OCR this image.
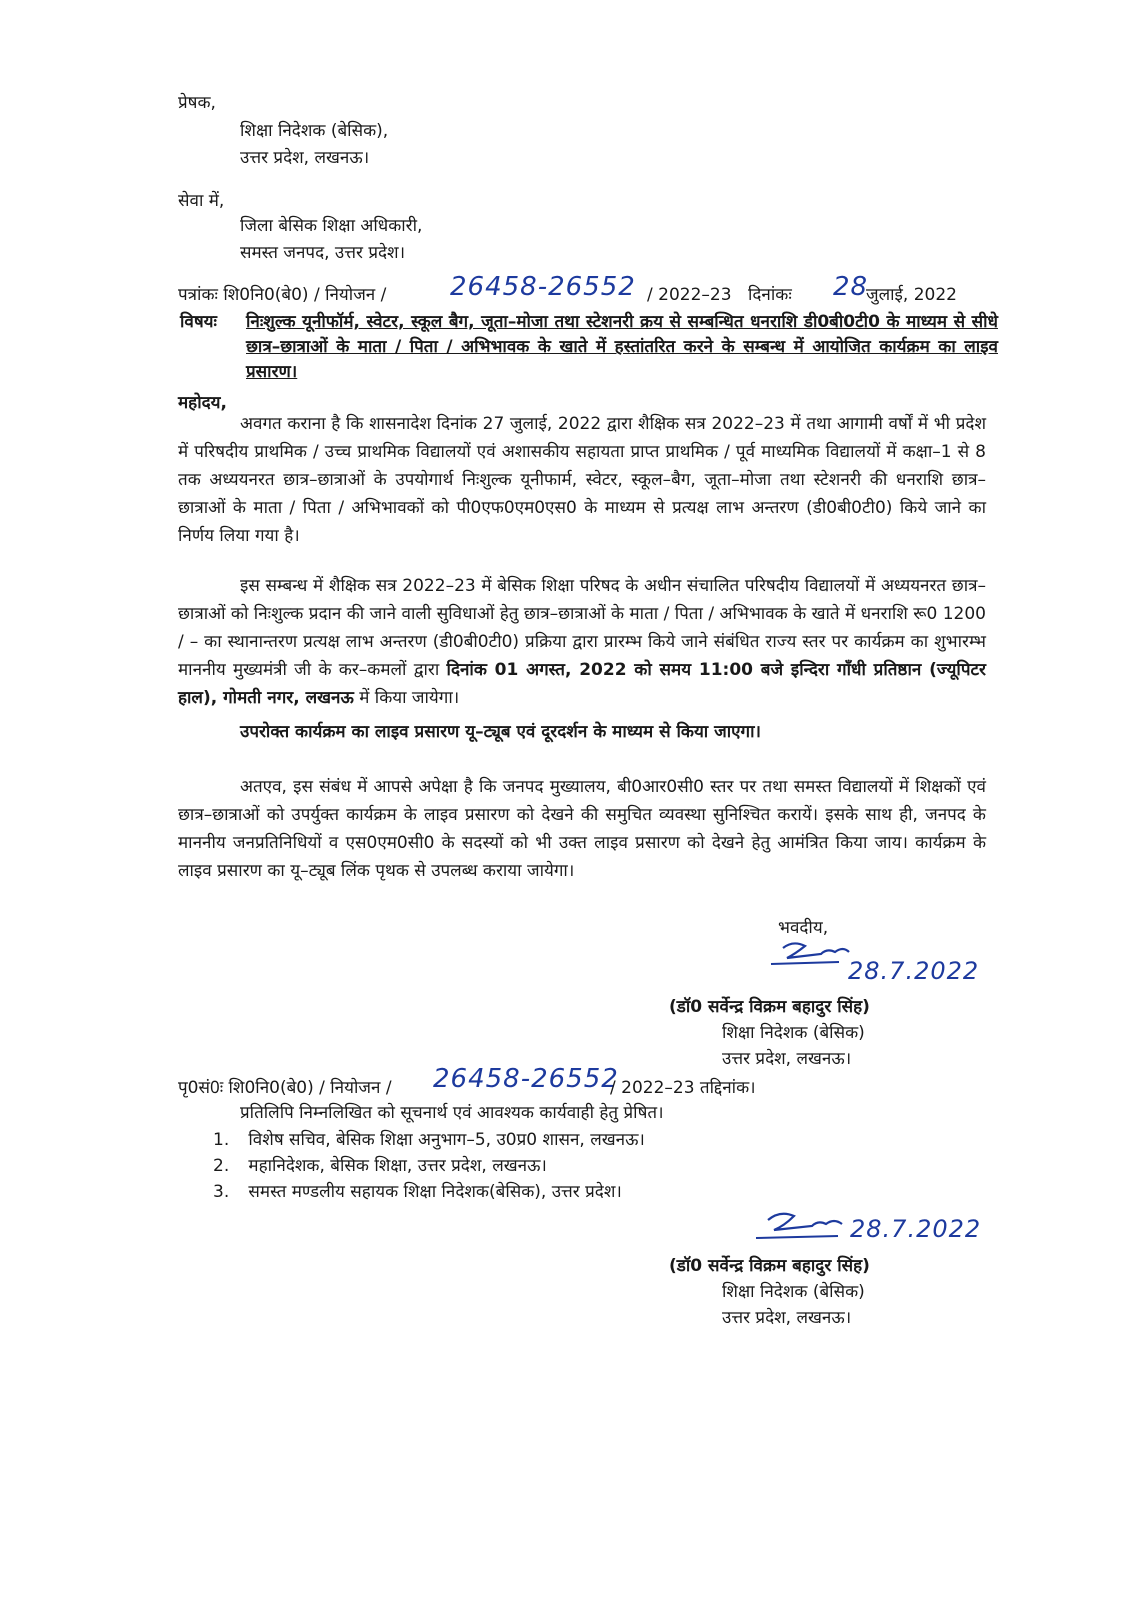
प्रेषक,
शिक्षा निदेशक (बेसिक),
उत्तर प्रदेश, लखनऊ।
सेवा में,
जिला बेसिक शिक्षा अधिकारी,
समस्त जनपद, उत्तर प्रदेश।
पत्रांकः शि0नि0(बे0) / नियोजन / 26458-26552 / 2022–23 दिनांकः 28
जुलाई, 2022
विषयः निःशुल्क यूनीफॉर्म, स्वेटर, स्कूल बैग, जूता–मोजा तथा स्टेशनरी क्रय से सम्बन्धित धनराशि डी0बी0टी0 के माध्यम से सीधे छात्र–छात्राओं के माता / पिता / अभिभावक के खाते में हस्तांतरित करने के सम्बन्ध में आयोजित कार्यक्रम का लाइव प्रसारण।
महोदय,
अवगत कराना है कि शासनादेश दिनांक 27 जुलाई, 2022 द्वारा शैक्षिक सत्र 2022–23 में तथा आगामी वर्षों में भी प्रदेश में परिषदीय प्राथमिक / उच्च प्राथमिक विद्यालयों एवं अशासकीय सहायता प्राप्त प्राथमिक / पूर्व माध्यमिक विद्यालयों में कक्षा–1 से 8 तक अध्ययनरत छात्र–छात्राओं के उपयोगार्थ निःशुल्क यूनीफार्म, स्वेटर, स्कूल–बैग, जूता–मोजा तथा स्टेशनरी की धनराशि छात्र–छात्राओं के माता / पिता / अभिभावकों को पी0एफ0एम0एस0 के माध्यम से प्रत्यक्ष लाभ अन्तरण (डी0बी0टी0) किये जाने का निर्णय लिया गया है।
इस सम्बन्ध में शैक्षिक सत्र 2022–23 में बेसिक शिक्षा परिषद के अधीन संचालित परिषदीय विद्यालयों में अध्ययनरत छात्र–छात्राओं को निःशुल्क प्रदान की जाने वाली सुविधाओं हेतु छात्र–छात्राओं के माता / पिता / अभिभावक के खाते में धनराशि रू0 1200 / – का स्थानान्तरण प्रत्यक्ष लाभ अन्तरण (डी0बी0टी0) प्रक्रिया द्वारा प्रारम्भ किये जाने संबंधित राज्य स्तर पर कार्यक्रम का शुभारम्भ माननीय मुख्यमंत्री जी के कर–कमलों द्वारा दिनांक 01 अगस्त, 2022 को समय 11:00 बजे इन्दिरा गाँधी प्रतिष्ठान (ज्यूपिटर हाल), गोमती नगर, लखनऊ में किया जायेगा।
उपरोक्त कार्यक्रम का लाइव प्रसारण यू–ट्यूब एवं दूरदर्शन के माध्यम से किया जाएगा।
अतएव, इस संबंध में आपसे अपेक्षा है कि जनपद मुख्यालय, बी0आर0सी0 स्तर पर तथा समस्त विद्यालयों में शिक्षकों एवं छात्र–छात्राओं को उपर्युक्त कार्यक्रम के लाइव प्रसारण को देखने की समुचित व्यवस्था सुनिश्चित करायें। इसके साथ ही, जनपद के माननीय जनप्रतिनिधियों व एस0एम0सी0 के सदस्यों को भी उक्त लाइव प्रसारण को देखने हेतु आमंत्रित किया जाय। कार्यक्रम के लाइव प्रसारण का यू–ट्यूब लिंक पृथक से उपलब्ध कराया जायेगा।
भवदीय,
28.7.2022
(डॉ0 सर्वेन्द्र विक्रम बहादुर सिंह)
शिक्षा निदेशक (बेसिक)
उत्तर प्रदेश, लखनऊ।
पृ0सं0ः शि0नि0(बे0) / नियोजन / 26458-26552
/ 2022–23 तद्दिनांक।
प्रतिलिपि निम्नलिखित को सूचनार्थ एवं आवश्यक कार्यवाही हेतु प्रेषित।
1. विशेष सचिव, बेसिक शिक्षा अनुभाग–5, उ0प्र0 शासन, लखनऊ।
2. महानिदेशक, बेसिक शिक्षा, उत्तर प्रदेश, लखनऊ।
3. समस्त मण्डलीय सहायक शिक्षा निदेशक(बेसिक), उत्तर प्रदेश।
28.7.2022
(डॉ0 सर्वेन्द्र विक्रम बहादुर सिंह)
शिक्षा निदेशक (बेसिक)
उत्तर प्रदेश, लखनऊ।
